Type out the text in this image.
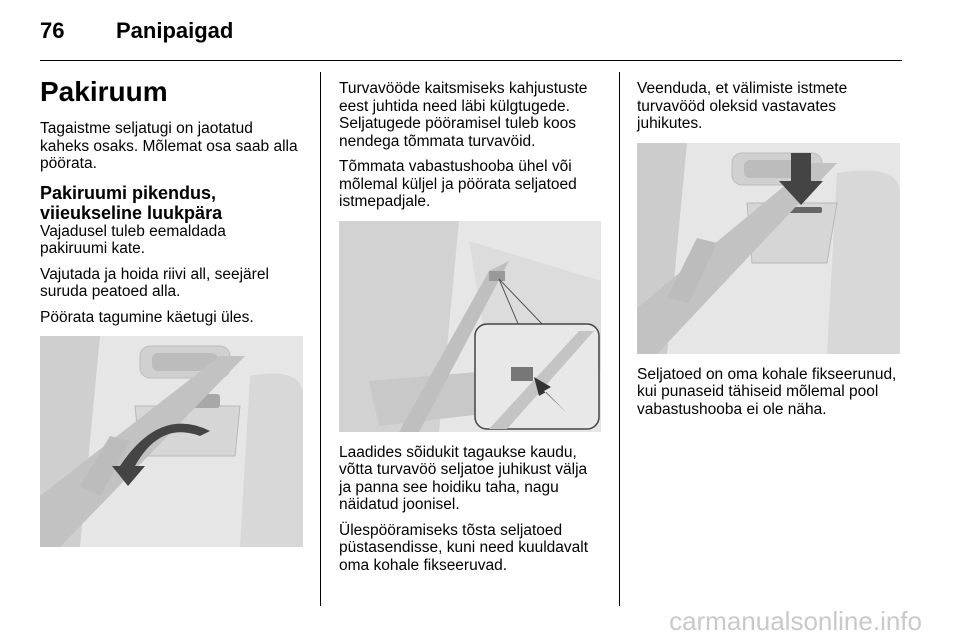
76 Panipaigad
Pakiruum

Tagaistme seljatugi on jaotatud
kaheks osaks. Mõlemat osa saab alla
pöörata.

Pakiruumi pikendus,
viieukseline luukpära

Vajadusel tuleb eemaldada
pakiruumi kate.

Vajutada ja hoida riivi all, seejärel
suruda peatoed alla.

Pöörata tagumine käetugi üles.

Turvavööde kaitsmiseks kahjustuste
eest juhtida need läbi külgtugede.
Seljatugede pööramisel tuleb koos
nendega tõmmata turvavöid.

Tõmmata vabastushooba ühel või
mõlemal küljel ja pöörata seljatoed
istmepadjale.

Laadides sõidukit tagaukse kaudu,
võtta turvavöö seljatoe juhikust välja
ja panna see hoidiku taha, nagu
näidatud joonisel.

Ülespööramiseks tõsta seljatoed
püstasendisse, kuni need kuuldavalt
oma kohale fikseeruvad.

Veenduda, et välimiste istmete
turvavööd oleksid vastavates
juhikutes.

Seljatoed on oma kohale fikseerunud,
kui punaseid tähiseid mõlemal pool
vabastushooba ei ole näha.

carmanualsonline.info
